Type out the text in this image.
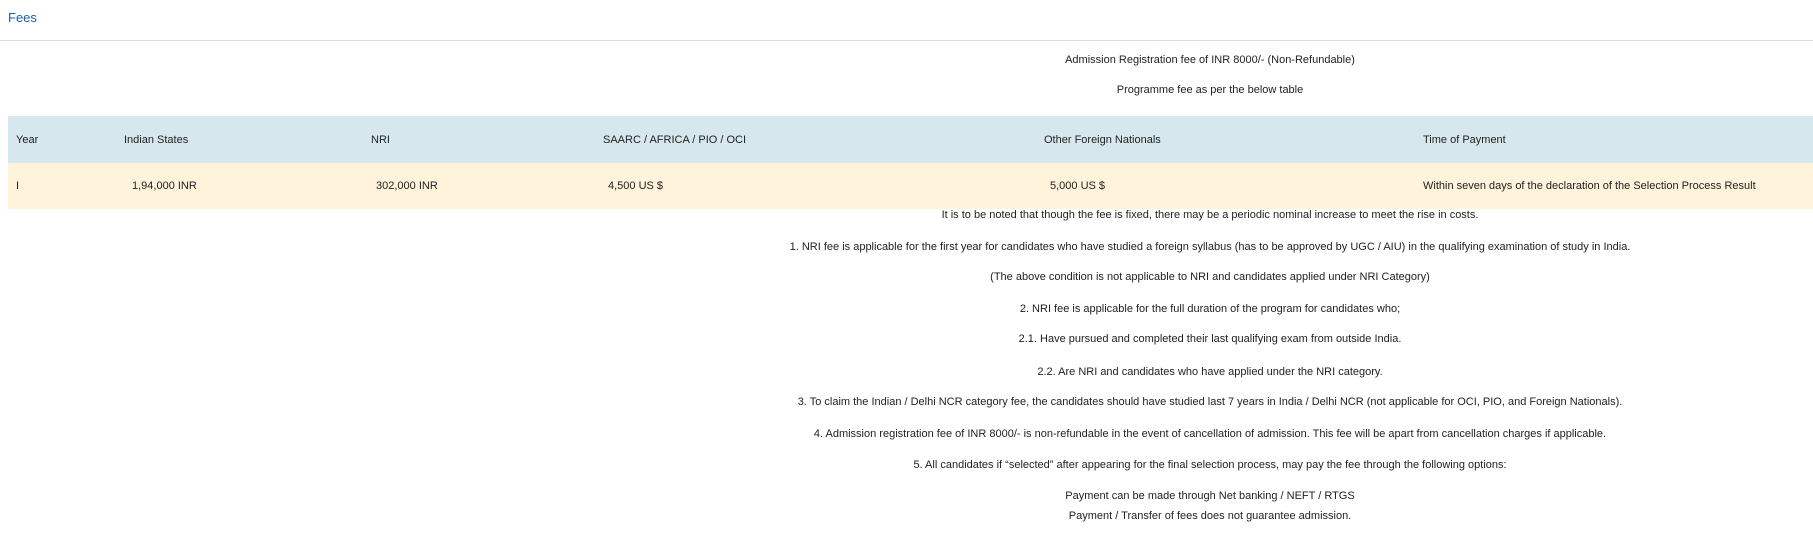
Fees
Admission Registration fee of INR 8000/- (Non-Refundable)
Programme fee as per the below table
Year	Indian States	NRI	SAARC / AFRICA / PIO / OCI	Other Foreign Nationals	Time of Payment
I	1,94,000 INR	302,000 INR	4,500 US $	5,000 US $	Within seven days of the declaration of the Selection Process Result
It is to be noted that though the fee is fixed, there may be a periodic nominal increase to meet the rise in costs.
1. NRI fee is applicable for the first year for candidates who have studied a foreign syllabus (has to be approved by UGC / AIU) in the qualifying examination of study in India.
(The above condition is not applicable to NRI and candidates applied under NRI Category)
2. NRI fee is applicable for the full duration of the program for candidates who;
2.1. Have pursued and completed their last qualifying exam from outside India.
2.2. Are NRI and candidates who have applied under the NRI category.
3. To claim the Indian / Delhi NCR category fee, the candidates should have studied last 7 years in India / Delhi NCR (not applicable for OCI, PIO, and Foreign Nationals).
4. Admission registration fee of INR 8000/- is non-refundable in the event of cancellation of admission. This fee will be apart from cancellation charges if applicable.
5. All candidates if “selected” after appearing for the final selection process, may pay the fee through the following options:
Payment can be made through Net banking / NEFT / RTGS
Payment / Transfer of fees does not guarantee admission.
